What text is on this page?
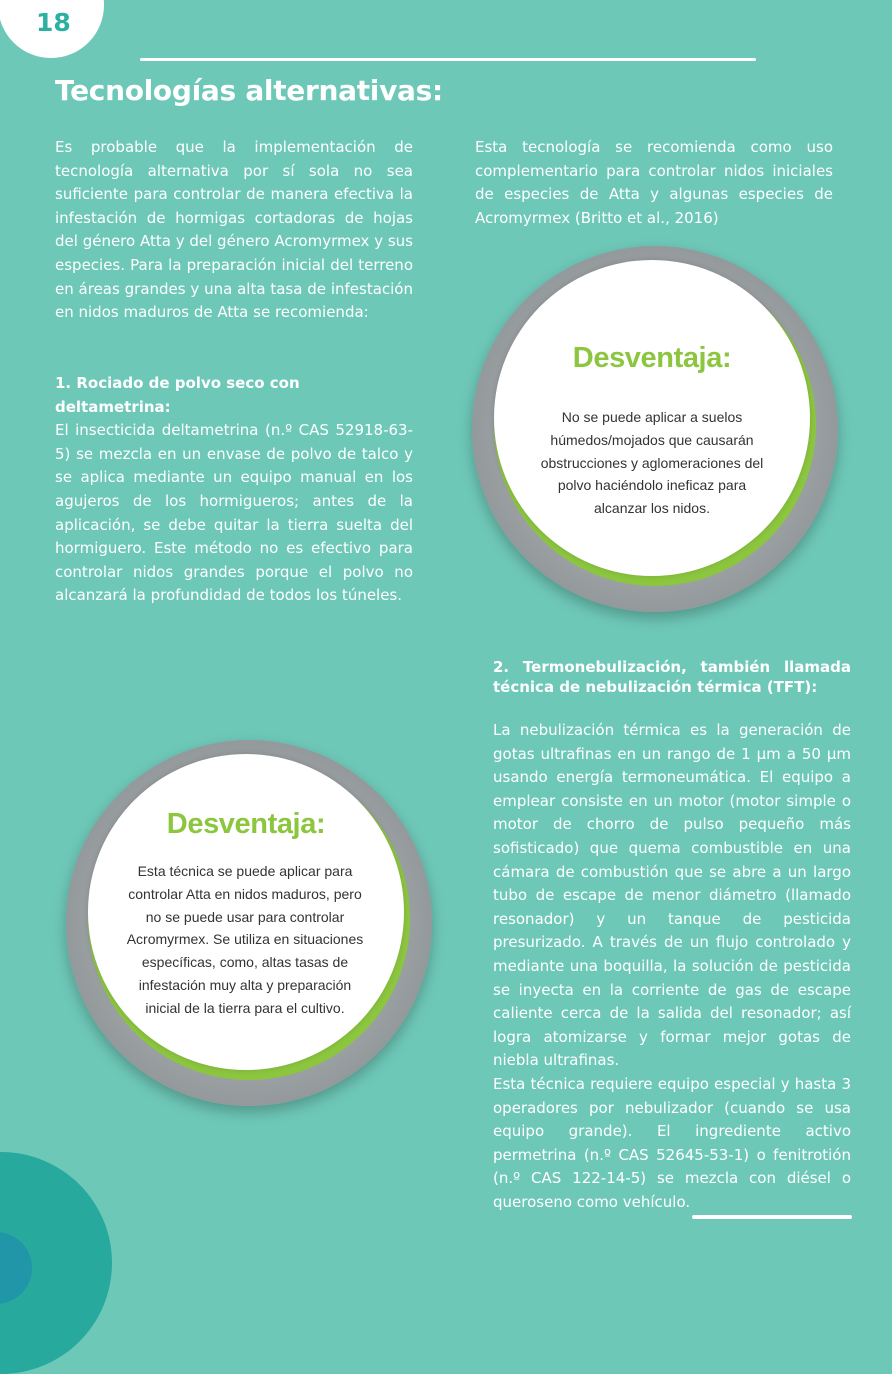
18
Tecnologías alternativas:

Es probable que la implementación de tecnología alternativa por sí sola no sea suficiente para controlar de manera efectiva la infestación de hormigas cortadoras de hojas del género Atta y del género Acromyrmex y sus especies. Para la preparación inicial del terreno en áreas grandes y una alta tasa de infestación en nidos maduros de Atta se recomienda:

1. Rociado de polvo seco con deltametrina:

El insecticida deltametrina (n.º CAS 52918-63-5) se mezcla en un envase de polvo de talco y se aplica mediante un equipo manual en los agujeros de los hormigueros; antes de la aplicación, se debe quitar la tierra suelta del hormiguero. Este método no es efectivo para controlar nidos grandes porque el polvo no alcanzará la profundidad de todos los túneles.

Esta tecnología se recomienda como uso complementario para controlar nidos iniciales de especies de Atta y algunas especies de Acromyrmex (Britto et al., 2016)

Desventaja:

No se puede aplicar a suelos húmedos/mojados que causarán obstrucciones y aglomeraciones del polvo haciéndolo ineficaz para alcanzar los nidos.

2. Termonebulización, también llamada técnica de nebulización térmica (TFT):

La nebulización térmica es la generación de gotas ultrafinas en un rango de 1 µm a 50 µm usando energía termoneumática. El equipo a emplear consiste en un motor (motor simple o motor de chorro de pulso pequeño más sofisticado) que quema combustible en una cámara de combustión que se abre a un largo tubo de escape de menor diámetro (llamado resonador) y un tanque de pesticida presurizado. A través de un flujo controlado y mediante una boquilla, la solución de pesticida se inyecta en la corriente de gas de escape caliente cerca de la salida del resonador; así logra atomizarse y formar mejor gotas de niebla ultrafinas.

Esta técnica requiere equipo especial y hasta 3 operadores por nebulizador (cuando se usa equipo grande). El ingrediente activo permetrina (n.º CAS 52645-53-1) o fenitrotión (n.º CAS 122-14-5) se mezcla con diésel o queroseno como vehículo.

Desventaja:

Esta técnica se puede aplicar para controlar Atta en nidos maduros, pero no se puede usar para controlar Acromyrmex. Se utiliza en situaciones específicas, como, altas tasas de infestación muy alta y preparación inicial de la tierra para el cultivo.
